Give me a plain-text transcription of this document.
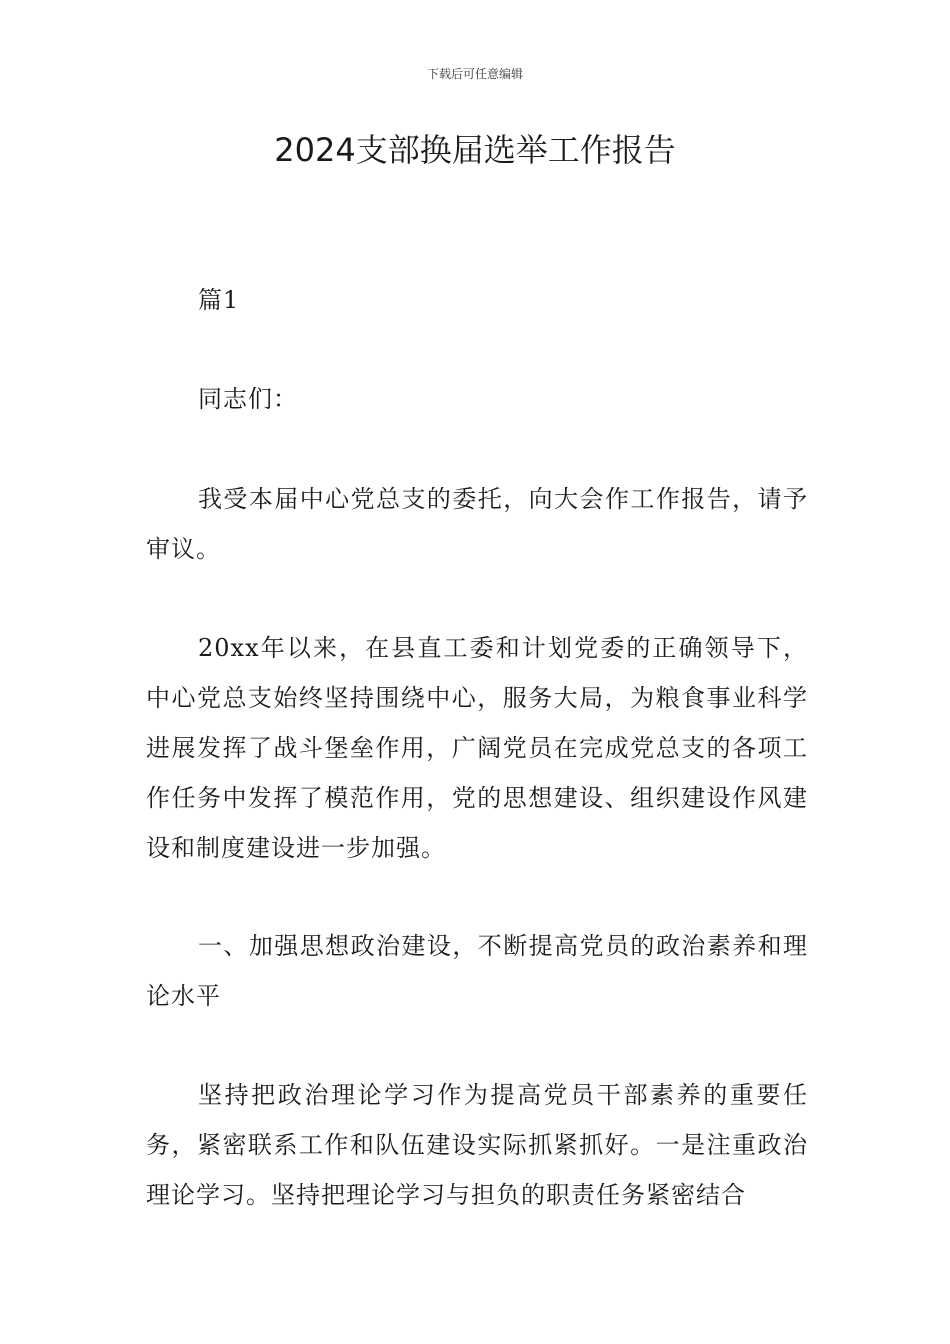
下载后可任意编辑
2024支部换届选举工作报告

篇1

同志们：

我受本届中心党总支的委托，向大会作工作报告，请予审议。

20xx年以来，在县直工委和计划党委的正确领导下，中心党总支始终坚持围绕中心，服务大局，为粮食事业科学进展发挥了战斗堡垒作用，广阔党员在完成党总支的各项工作任务中发挥了模范作用，党的思想建设、组织建设作风建设和制度建设进一步加强。

一、加强思想政治建设，不断提高党员的政治素养和理论水平

坚持把政治理论学习作为提高党员干部素养的重要任务，紧密联系工作和队伍建设实际抓紧抓好。一是注重政治理论学习。坚持把理论学习与担负的职责任务紧密结合
